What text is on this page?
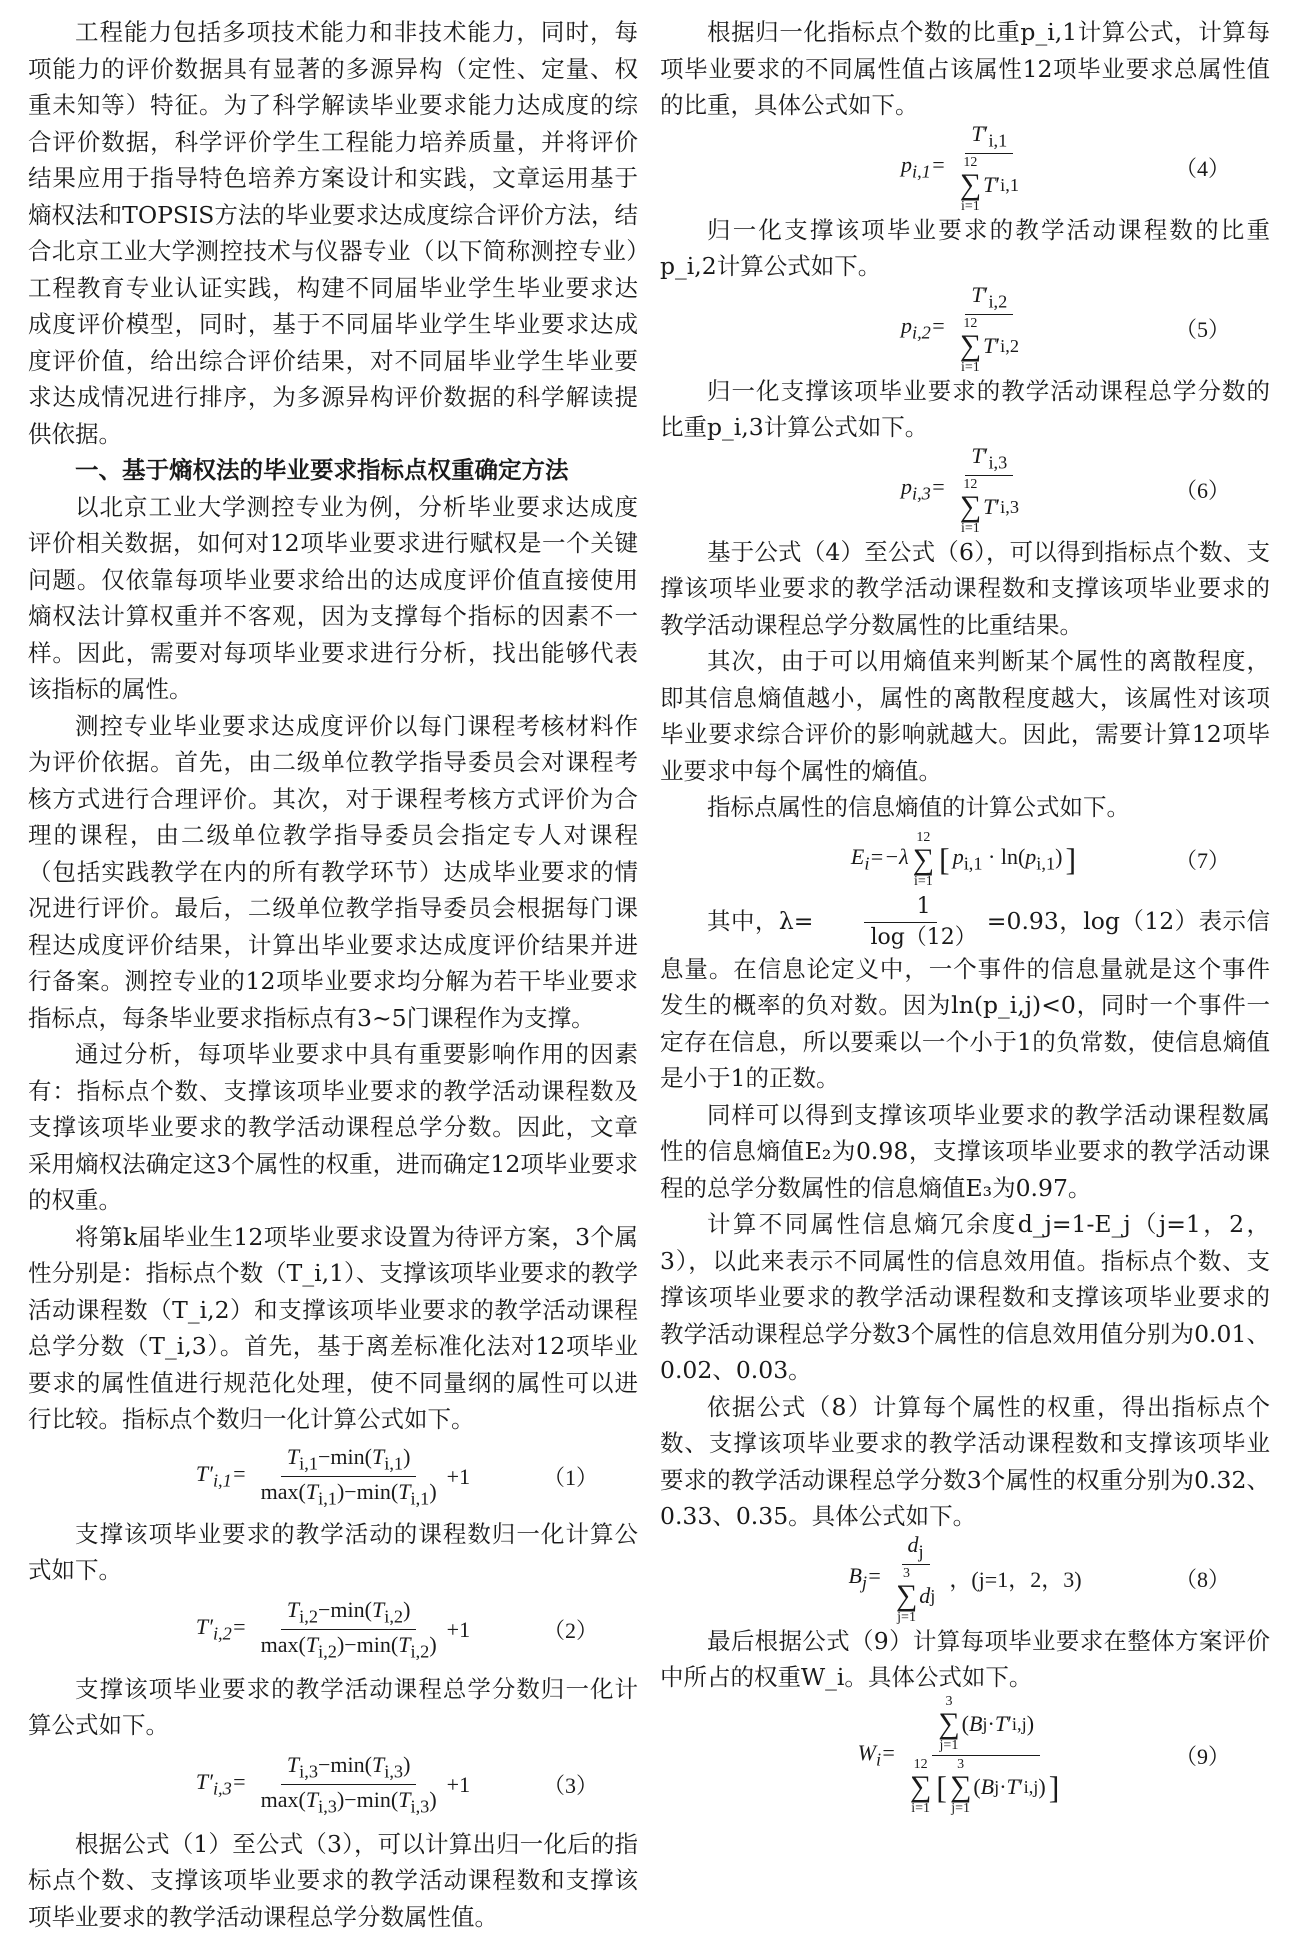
工程能力包括多项技术能力和非技术能力，同时，每项能力的评价数据具有显著的多源异构（定性、定量、权重未知等）特征。为了科学解读毕业要求能力达成度的综合评价数据，科学评价学生工程能力培养质量，并将评价结果应用于指导特色培养方案设计和实践，文章运用基于熵权法和TOPSIS方法的毕业要求达成度综合评价方法，结合北京工业大学测控技术与仪器专业（以下简称测控专业）工程教育专业认证实践，构建不同届毕业学生毕业要求达成度评价模型，同时，基于不同届毕业学生毕业要求达成度评价值，给出综合评价结果，对不同届毕业学生毕业要求达成情况进行排序，为多源异构评价数据的科学解读提供依据。

一、基于熵权法的毕业要求指标点权重确定方法

以北京工业大学测控专业为例，分析毕业要求达成度评价相关数据，如何对12项毕业要求进行赋权是一个关键问题。仅依靠每项毕业要求给出的达成度评价值直接使用熵权法计算权重并不客观，因为支撑每个指标的因素不一样。因此，需要对每项毕业要求进行分析，找出能够代表该指标的属性。

测控专业毕业要求达成度评价以每门课程考核材料作为评价依据。首先，由二级单位教学指导委员会对课程考核方式进行合理评价。其次，对于课程考核方式评价为合理的课程，由二级单位教学指导委员会指定专人对课程（包括实践教学在内的所有教学环节）达成毕业要求的情况进行评价。最后，二级单位教学指导委员会根据每门课程达成度评价结果，计算出毕业要求达成度评价结果并进行备案。测控专业的12项毕业要求均分解为若干毕业要求指标点，每条毕业要求指标点有3~5门课程作为支撑。

通过分析，每项毕业要求中具有重要影响作用的因素有：指标点个数、支撑该项毕业要求的教学活动课程数及支撑该项毕业要求的教学活动课程总学分数。因此，文章采用熵权法确定这3个属性的权重，进而确定12项毕业要求的权重。

将第k届毕业生12项毕业要求设置为待评方案，3个属性分别是：指标点个数（T_i,1）、支撑该项毕业要求的教学活动课程数（T_i,2）和支撑该项毕业要求的教学活动课程总学分数（T_i,3）。首先，基于离差标准化法对12项毕业要求的属性值进行规范化处理，使不同量纲的属性可以进行比较。指标点个数归一化计算公式如下。

$T'_{i,1}= \frac{T_{i,1}-\min(T_{i,1})}{\max(T_{i,1})-\min(T_{i,1})} +1$	（1）

支撑该项毕业要求的教学活动的课程数归一化计算公式如下。

$T'_{i,2}= \frac{T_{i,2}-\min(T_{i,2})}{\max(T_{i,2})-\min(T_{i,2})} +1$	（2）

支撑该项毕业要求的教学活动课程总学分数归一化计算公式如下。

$T'_{i,3}= \frac{T_{i,3}-\min(T_{i,3})}{\max(T_{i,3})-\min(T_{i,3})} +1$	（3）

根据公式（1）至公式（3），可以计算出归一化后的指标点个数、支撑该项毕业要求的教学活动课程数和支撑该项毕业要求的教学活动课程总学分数属性值。

根据归一化指标点个数的比重p_i,1计算公式，计算每项毕业要求的不同属性值占该属性12项毕业要求总属性值的比重，具体公式如下。

$p_{i,1}= T'_{i,1}$
12
∑
i=1
T ′ i,1	（4）

归一化支撑该项毕业要求的教学活动课程数的比重p_i,2计算公式如下。

$p_{i,2}= T'_{i,2}$
12
∑
i=1
T ′ i,2	（5）

归一化支撑该项毕业要求的教学活动课程总学分数的比重p_i,3计算公式如下。

$p_{i,3}= T'_{i,3}$
12
∑
i=1
T ′ i,3	（6）

基于公式（4）至公式（6），可以得到指标点个数、支撑该项毕业要求的教学活动课程数和支撑该项毕业要求的教学活动课程总学分数属性的比重结果。

其次，由于可以用熵值来判断某个属性的离散程度，即其信息熵值越小，属性的离散程度越大，该属性对该项毕业要求综合评价的影响就越大。因此，需要计算12项毕业要求中每个属性的熵值。

指标点属性的信息熵值的计算公式如下。

$E_i=-\lambda$
12
∑
i=1
[ $p_{i,1} \cdot \ln(p_{i,1})$ ]	（7）

其中，$\lambda= \frac{1}{\log(12)} =0.93$，log（12）表示信息量。在信息论定义中，一个事件的信息量就是这个事件发生的概率的负对数。因为ln(p_i,j)<0，同时一个事件一定存在信息，所以要乘以一个小于1的负常数，使信息熵值是小于1的正数。

同样可以得到支撑该项毕业要求的教学活动课程数属性的信息熵值E₂为0.98，支撑该项毕业要求的教学活动课程的总学分数属性的信息熵值E₃为0.97。

计算不同属性信息熵冗余度d_j=1-E_j（j=1，2，3），以此来表示不同属性的信息效用值。指标点个数、支撑该项毕业要求的教学活动课程数和支撑该项毕业要求的教学活动课程总学分数3个属性的信息效用值分别为0.01、0.02、0.03。

依据公式（8）计算每个属性的权重，得出指标点个数、支撑该项毕业要求的教学活动课程数和支撑该项毕业要求的教学活动课程总学分数3个属性的权重分别为0.32、0.33、0.35。具体公式如下。

$B_j= d_j$
3
∑
j=1
d j ，(j=1，2，3)	（8）

最后根据公式（9）计算每项毕业要求在整体方案评价中所占的权重W_i。具体公式如下。

$W_i= 3$
∑
j=1
( B j · T ′ i,j )
12
∑
i=1
[
3
∑
j=1
( B j · T ′ i,j ) ]	（9）
